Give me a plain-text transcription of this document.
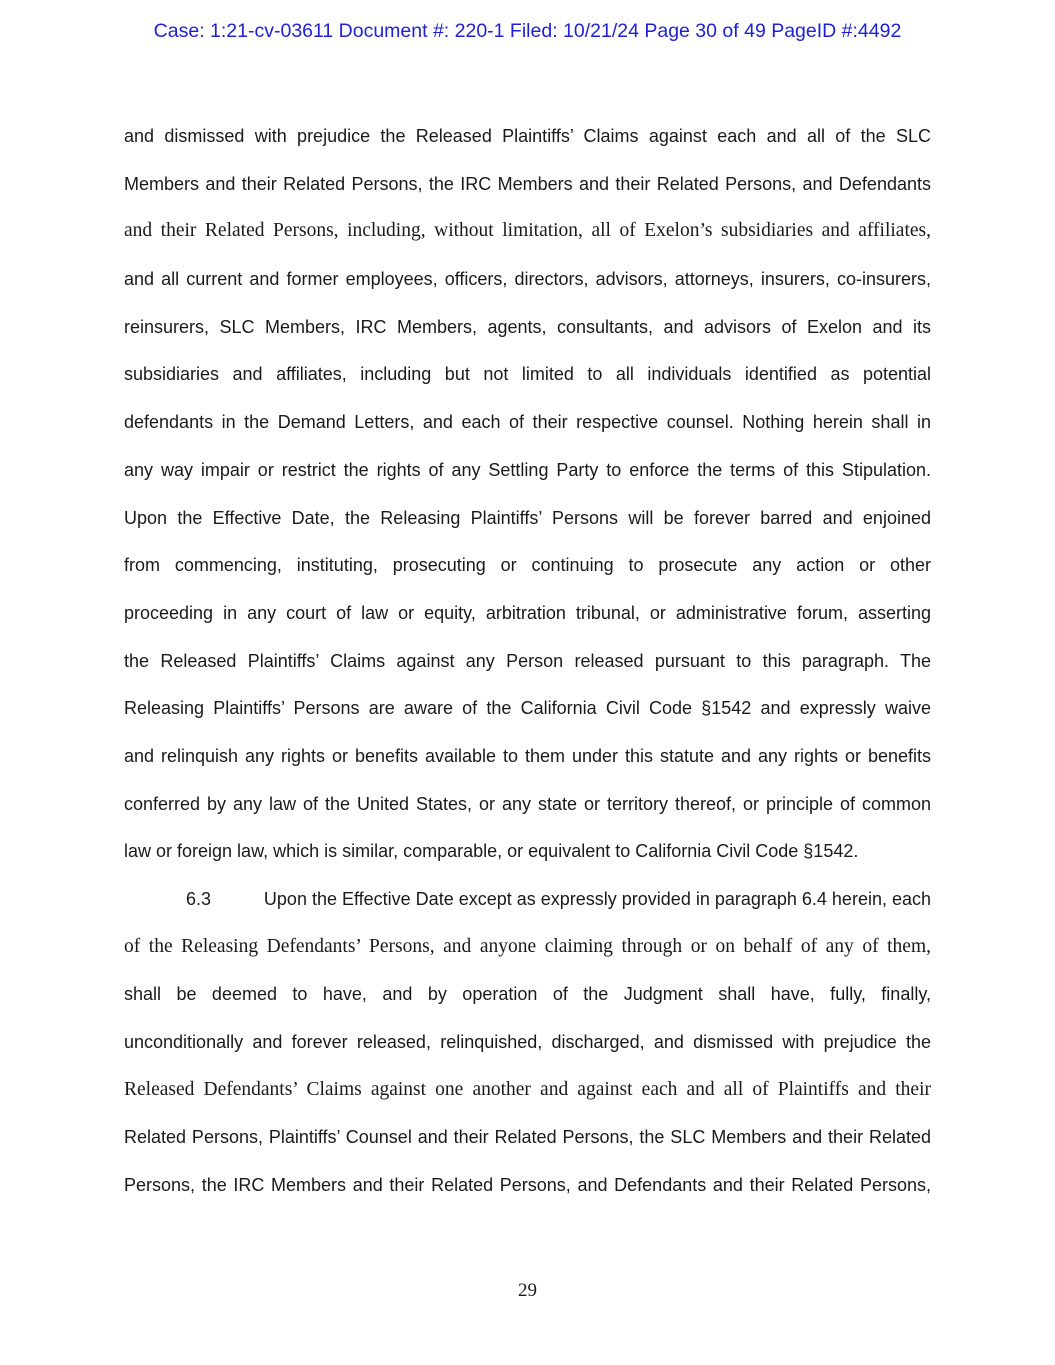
Case: 1:21-cv-03611 Document #: 220-1 Filed: 10/21/24 Page 30 of 49 PageID #:4492
and dismissed with prejudice the Released Plaintiffs’ Claims against each and all of the SLC
Members and their Related Persons, the IRC Members and their Related Persons, and Defendants
and their Related Persons, including, without limitation, all of Exelon’s subsidiaries and affiliates,
and all current and former employees, officers, directors, advisors, attorneys, insurers, co-insurers,
reinsurers, SLC Members, IRC Members, agents, consultants, and advisors of Exelon and its
subsidiaries and affiliates, including but not limited to all individuals identified as potential
defendants in the Demand Letters, and each of their respective counsel. Nothing herein shall in
any way impair or restrict the rights of any Settling Party to enforce the terms of this Stipulation.
Upon the Effective Date, the Releasing Plaintiffs’ Persons will be forever barred and enjoined
from commencing, instituting, prosecuting or continuing to prosecute any action or other
proceeding in any court of law or equity, arbitration tribunal, or administrative forum, asserting
the Released Plaintiffs’ Claims against any Person released pursuant to this paragraph. The
Releasing Plaintiffs’ Persons are aware of the California Civil Code §1542 and expressly waive
and relinquish any rights or benefits available to them under this statute and any rights or benefits
conferred by any law of the United States, or any state or territory thereof, or principle of common
law or foreign law, which is similar, comparable, or equivalent to California Civil Code §1542.
6.3	Upon the Effective Date except as expressly provided in paragraph 6.4 herein, each
of the Releasing Defendants’ Persons, and anyone claiming through or on behalf of any of them,
shall be deemed to have, and by operation of the Judgment shall have, fully, finally,
unconditionally and forever released, relinquished, discharged, and dismissed with prejudice the
Released Defendants’ Claims against one another and against each and all of Plaintiffs and their
Related Persons, Plaintiffs’ Counsel and their Related Persons, the SLC Members and their Related
Persons, the IRC Members and their Related Persons, and Defendants and their Related Persons,
29
